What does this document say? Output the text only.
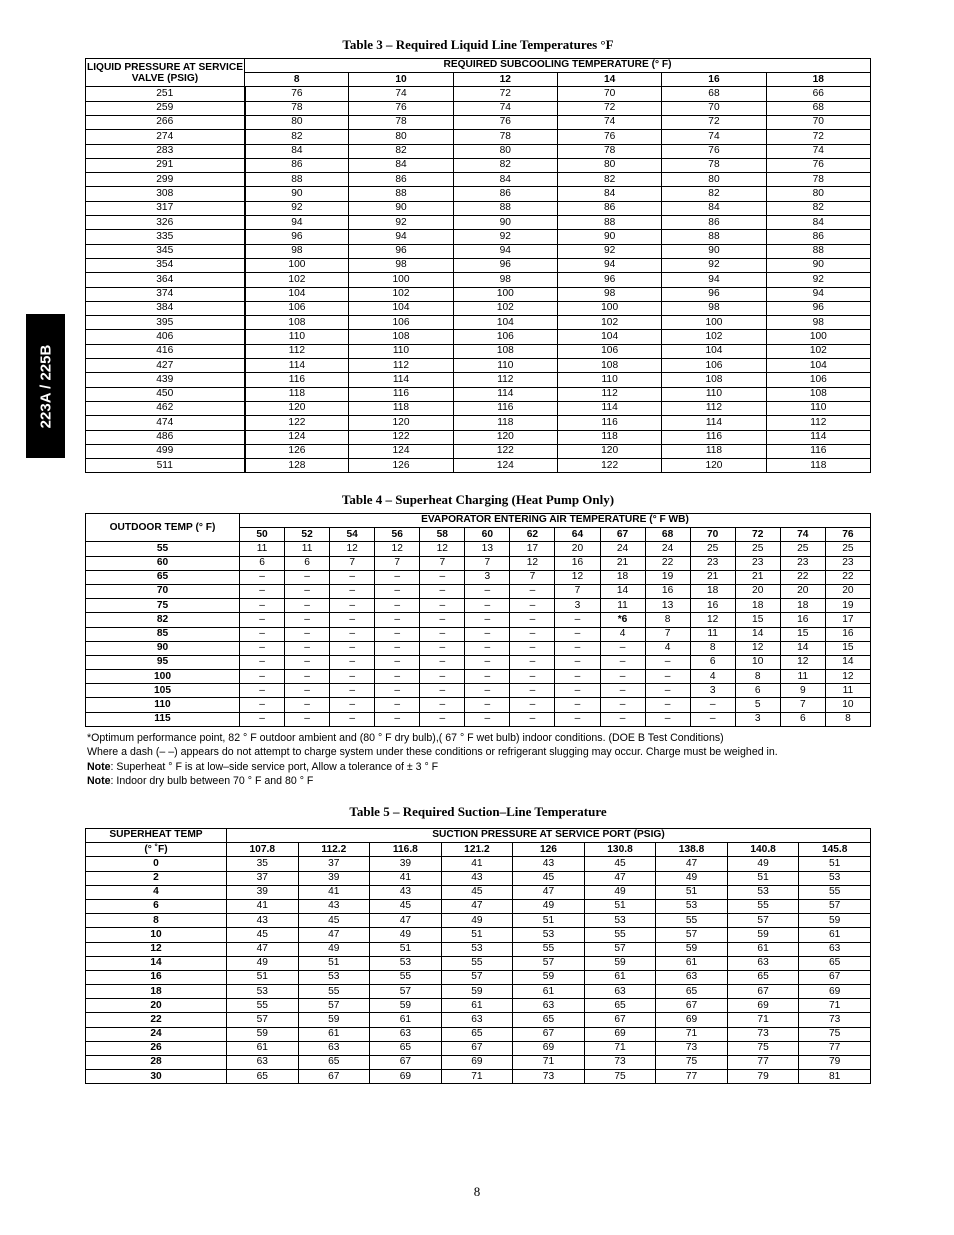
223A / 225B
Table 3 – Required Liquid Line Temperatures °F
LIQUID PRESSURE AT SERVICE VALVE (PSIG)	REQUIRED SUBCOOLING TEMPERATURE (° F)					
	8	10	12	14	16	18
251	76	74	72	70	68	66
259	78	76	74	72	70	68
266	80	78	76	74	72	70
274	82	80	78	76	74	72
283	84	82	80	78	76	74
291	86	84	82	80	78	76
299	88	86	84	82	80	78
308	90	88	86	84	82	80
317	92	90	88	86	84	82
326	94	92	90	88	86	84
335	96	94	92	90	88	86
345	98	96	94	92	90	88
354	100	98	96	94	92	90
364	102	100	98	96	94	92
374	104	102	100	98	96	94
384	106	104	102	100	98	96
395	108	106	104	102	100	98
406	110	108	106	104	102	100
416	112	110	108	106	104	102
427	114	112	110	108	106	104
439	116	114	112	110	108	106
450	118	116	114	112	110	108
462	120	118	116	114	112	110
474	122	120	118	116	114	112
486	124	122	120	118	116	114
499	126	124	122	120	118	116
511	128	126	124	122	120	118
Table 4 – Superheat Charging (Heat Pump Only)
OUTDOOR TEMP (° F)	EVAPORATOR ENTERING AIR TEMPERATURE (° F WB)													
	50	52	54	56	58	60	62	64	67	68	70	72	74	76
55	11	11	12	12	12	13	17	20	24	24	25	25	25	25
60	6	6	7	7	7	7	12	16	21	22	23	23	23	23
65	–	–	–	–	–	3	7	12	18	19	21	21	22	22
70	–	–	–	–	–	–	–	7	14	16	18	20	20	20
75	–	–	–	–	–	–	–	3	11	13	16	18	18	19
82	–	–	–	–	–	–	–	–	*6	8	12	15	16	17
85	–	–	–	–	–	–	–	–	4	7	11	14	15	16
90	–	–	–	–	–	–	–	–	–	4	8	12	14	15
95	–	–	–	–	–	–	–	–	–	–	6	10	12	14
100	–	–	–	–	–	–	–	–	–	–	4	8	11	12
105	–	–	–	–	–	–	–	–	–	–	3	6	9	11
110	–	–	–	–	–	–	–	–	–	–	–	5	7	10
115	–	–	–	–	–	–	–	–	–	–	–	3	6	8
*Optimum performance point, 82 ° F outdoor ambient and (80 ° F dry bulb),( 67 ° F wet bulb) indoor conditions. (DOE B Test Conditions)
Where a dash (– –) appears do not attempt to charge system under these conditions or refrigerant slugging may occur. Charge must be weighed in.
Note: Superheat ° F is at low–side service port, Allow a tolerance of ± 3 ° F
Note: Indoor dry bulb between 70 ° F and 80 ° F
Table 5 – Required Suction–Line Temperature
SUPERHEAT TEMP	SUCTION PRESSURE AT SERVICE PORT (PSIG)								
(° ˚F)	107.8	112.2	116.8	121.2	126	130.8	138.8	140.8	145.8
0	35	37	39	41	43	45	47	49	51
2	37	39	41	43	45	47	49	51	53
4	39	41	43	45	47	49	51	53	55
6	41	43	45	47	49	51	53	55	57
8	43	45	47	49	51	53	55	57	59
10	45	47	49	51	53	55	57	59	61
12	47	49	51	53	55	57	59	61	63
14	49	51	53	55	57	59	61	63	65
16	51	53	55	57	59	61	63	65	67
18	53	55	57	59	61	63	65	67	69
20	55	57	59	61	63	65	67	69	71
22	57	59	61	63	65	67	69	71	73
24	59	61	63	65	67	69	71	73	75
26	61	63	65	67	69	71	73	75	77
28	63	65	67	69	71	73	75	77	79
30	65	67	69	71	73	75	77	79	81
8
